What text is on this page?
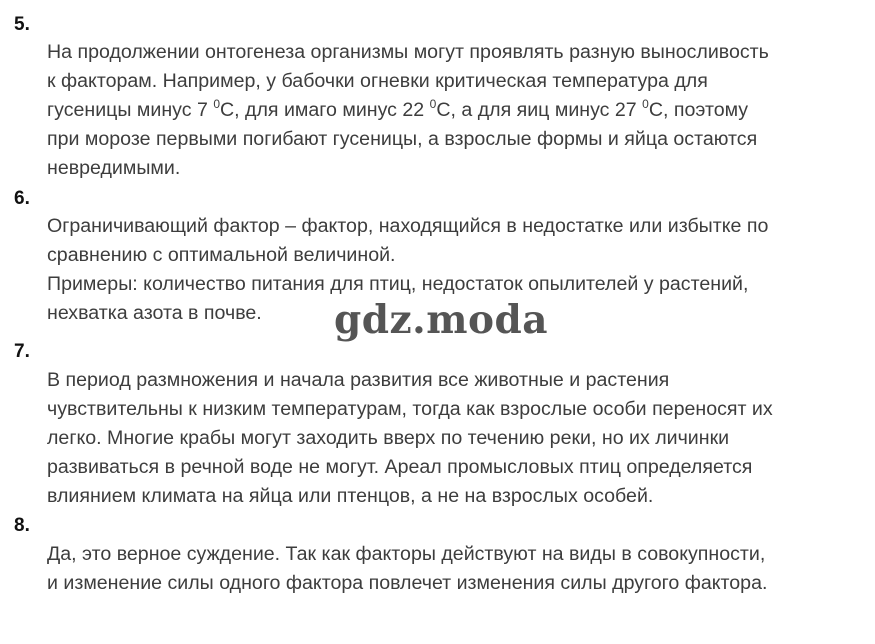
5.
На продолжении онтогенеза организмы могут проявлять разную выносливость
к факторам. Например, у бабочки огневки критическая температура для
гусеницы минус 7 $^0$С, для имаго минус 22 $^0$С, а для яиц минус 27 $^0$С, поэтому
при морозе первыми погибают гусеницы, а взрослые формы и яйца остаются
невредимыми.
6.
Ограничивающий фактор – фактор, находящийся в недостатке или избытке по
сравнению с оптимальной величиной.
Примеры: количество питания для птиц, недостаток опылителей у растений,
нехватка азота в почве.
7.
В период размножения и начала развития все животные и растения
чувствительны к низким температурам, тогда как взрослые особи переносят их
легко. Многие крабы могут заходить вверх по течению реки, но их личинки
развиваться в речной воде не могут. Ареал промысловых птиц определяется
влиянием климата на яйца или птенцов, а не на взрослых особей.
8.
Да, это верное суждение. Так как факторы действуют на виды в совокупности,
и изменение силы одного фактора повлечет изменения силы другого фактора.
gdz.moda
